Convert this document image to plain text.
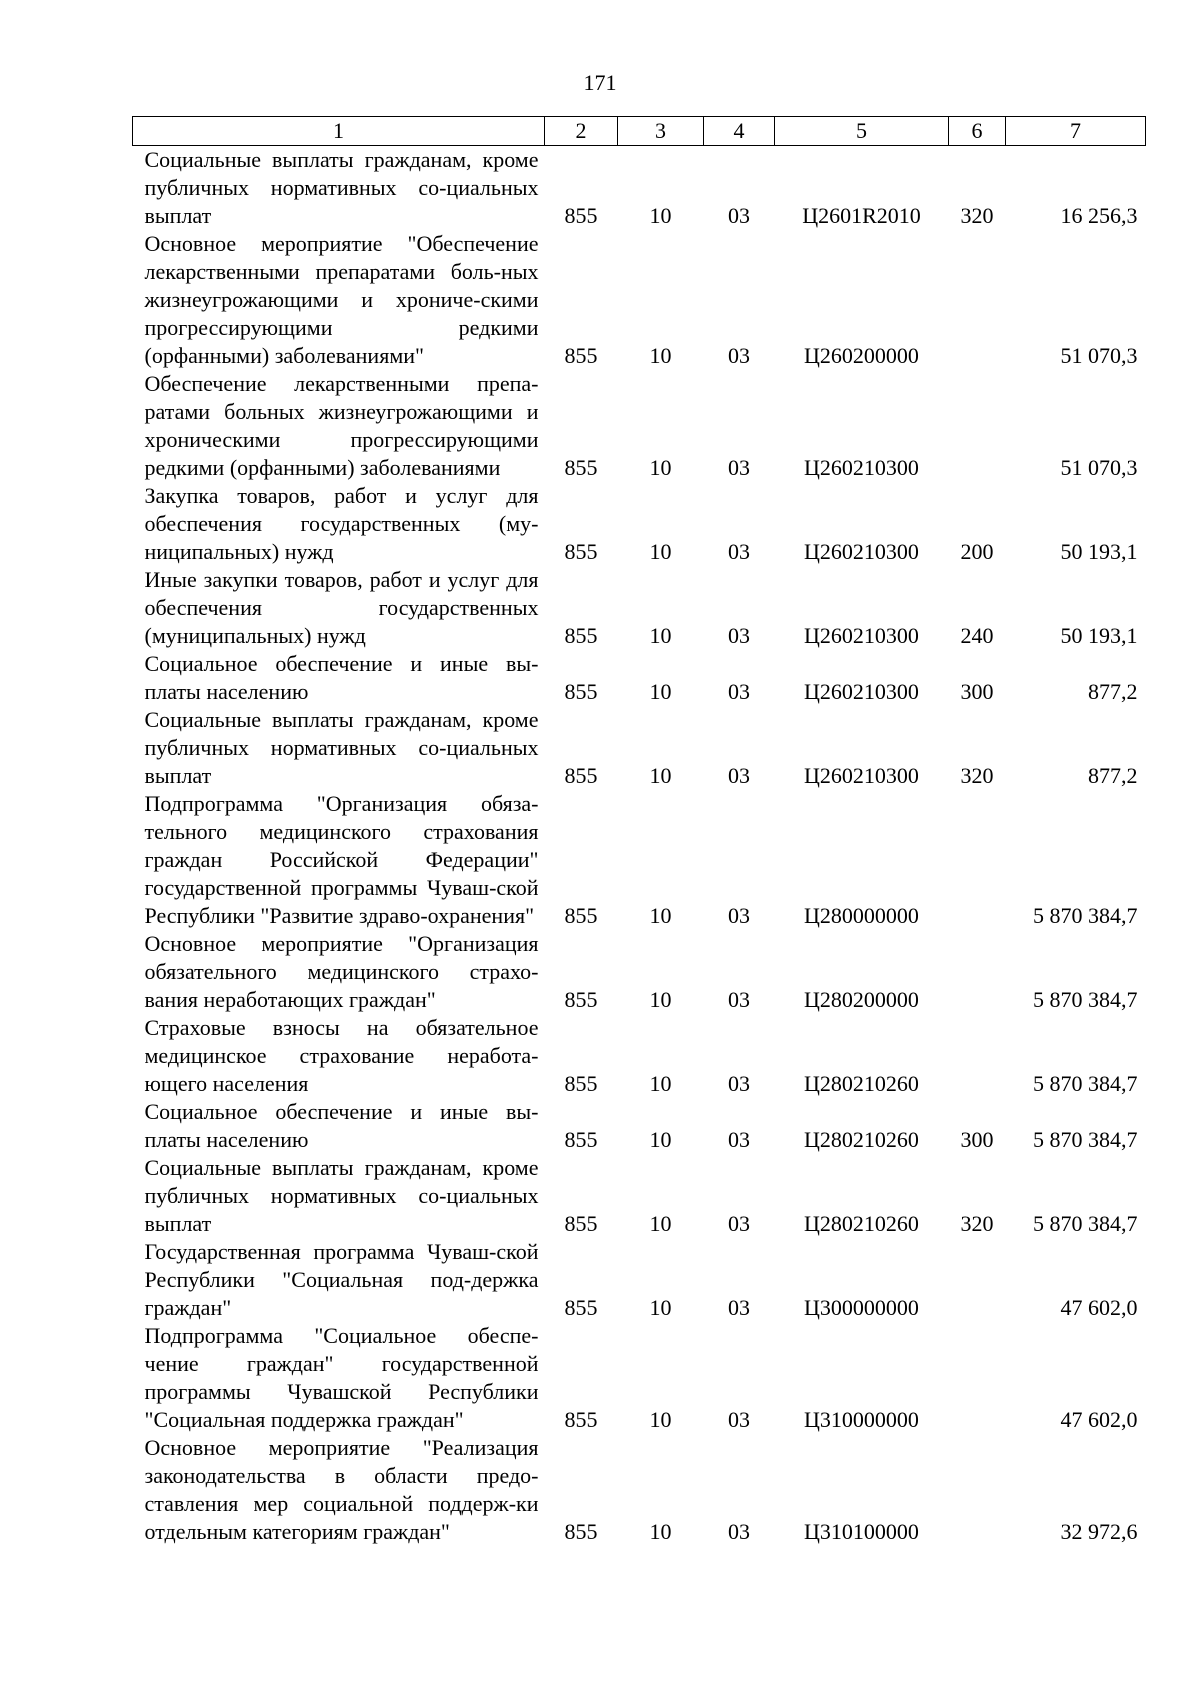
171
1	2	3	4	5	6	7
Социальные выплаты гражданам, кроме публичных нормативных со-циальных выплат	855	10	03	Ц2601R2010	320	16 256,3
Основное мероприятие "Обеспечение лекарственными препаратами боль-ных жизнеугрожающими и хрониче-скими прогрессирующими редкими (орфанными) заболеваниями"	855	10	03	Ц260200000		51 070,3
Обеспечение лекарственными препа-ратами больных жизнеугрожающими и хроническими прогрессирующими редкими (орфанными) заболеваниями	855	10	03	Ц260210300		51 070,3
Закупка товаров, работ и услуг для обеспечения государственных (му-ниципальных) нужд	855	10	03	Ц260210300	200	50 193,1
Иные закупки товаров, работ и услуг для обеспечения государственных (муниципальных) нужд	855	10	03	Ц260210300	240	50 193,1
Социальное обеспечение и иные вы-платы населению	855	10	03	Ц260210300	300	877,2
Социальные выплаты гражданам, кроме публичных нормативных со-циальных выплат	855	10	03	Ц260210300	320	877,2
Подпрограмма "Организация обяза-тельного медицинского страхования граждан Российской Федерации" государственной программы Чуваш-ской Республики "Развитие здраво-охранения"	855	10	03	Ц280000000		5 870 384,7
Основное мероприятие "Организация обязательного медицинского страхо-вания неработающих граждан"	855	10	03	Ц280200000		5 870 384,7
Страховые взносы на обязательное медицинское страхование неработа-ющего населения	855	10	03	Ц280210260		5 870 384,7
Социальное обеспечение и иные вы-платы населению	855	10	03	Ц280210260	300	5 870 384,7
Социальные выплаты гражданам, кроме публичных нормативных со-циальных выплат	855	10	03	Ц280210260	320	5 870 384,7
Государственная программа Чуваш-ской Республики "Социальная под-держка граждан"	855	10	03	Ц300000000		47 602,0
Подпрограмма "Социальное обеспе-чение граждан" государственной программы Чувашской Республики "Социальная поддержка граждан"	855	10	03	Ц310000000		47 602,0
Основное мероприятие "Реализация законодательства в области предо-ставления мер социальной поддерж-ки отдельным категориям граждан"	855	10	03	Ц310100000		32 972,6
